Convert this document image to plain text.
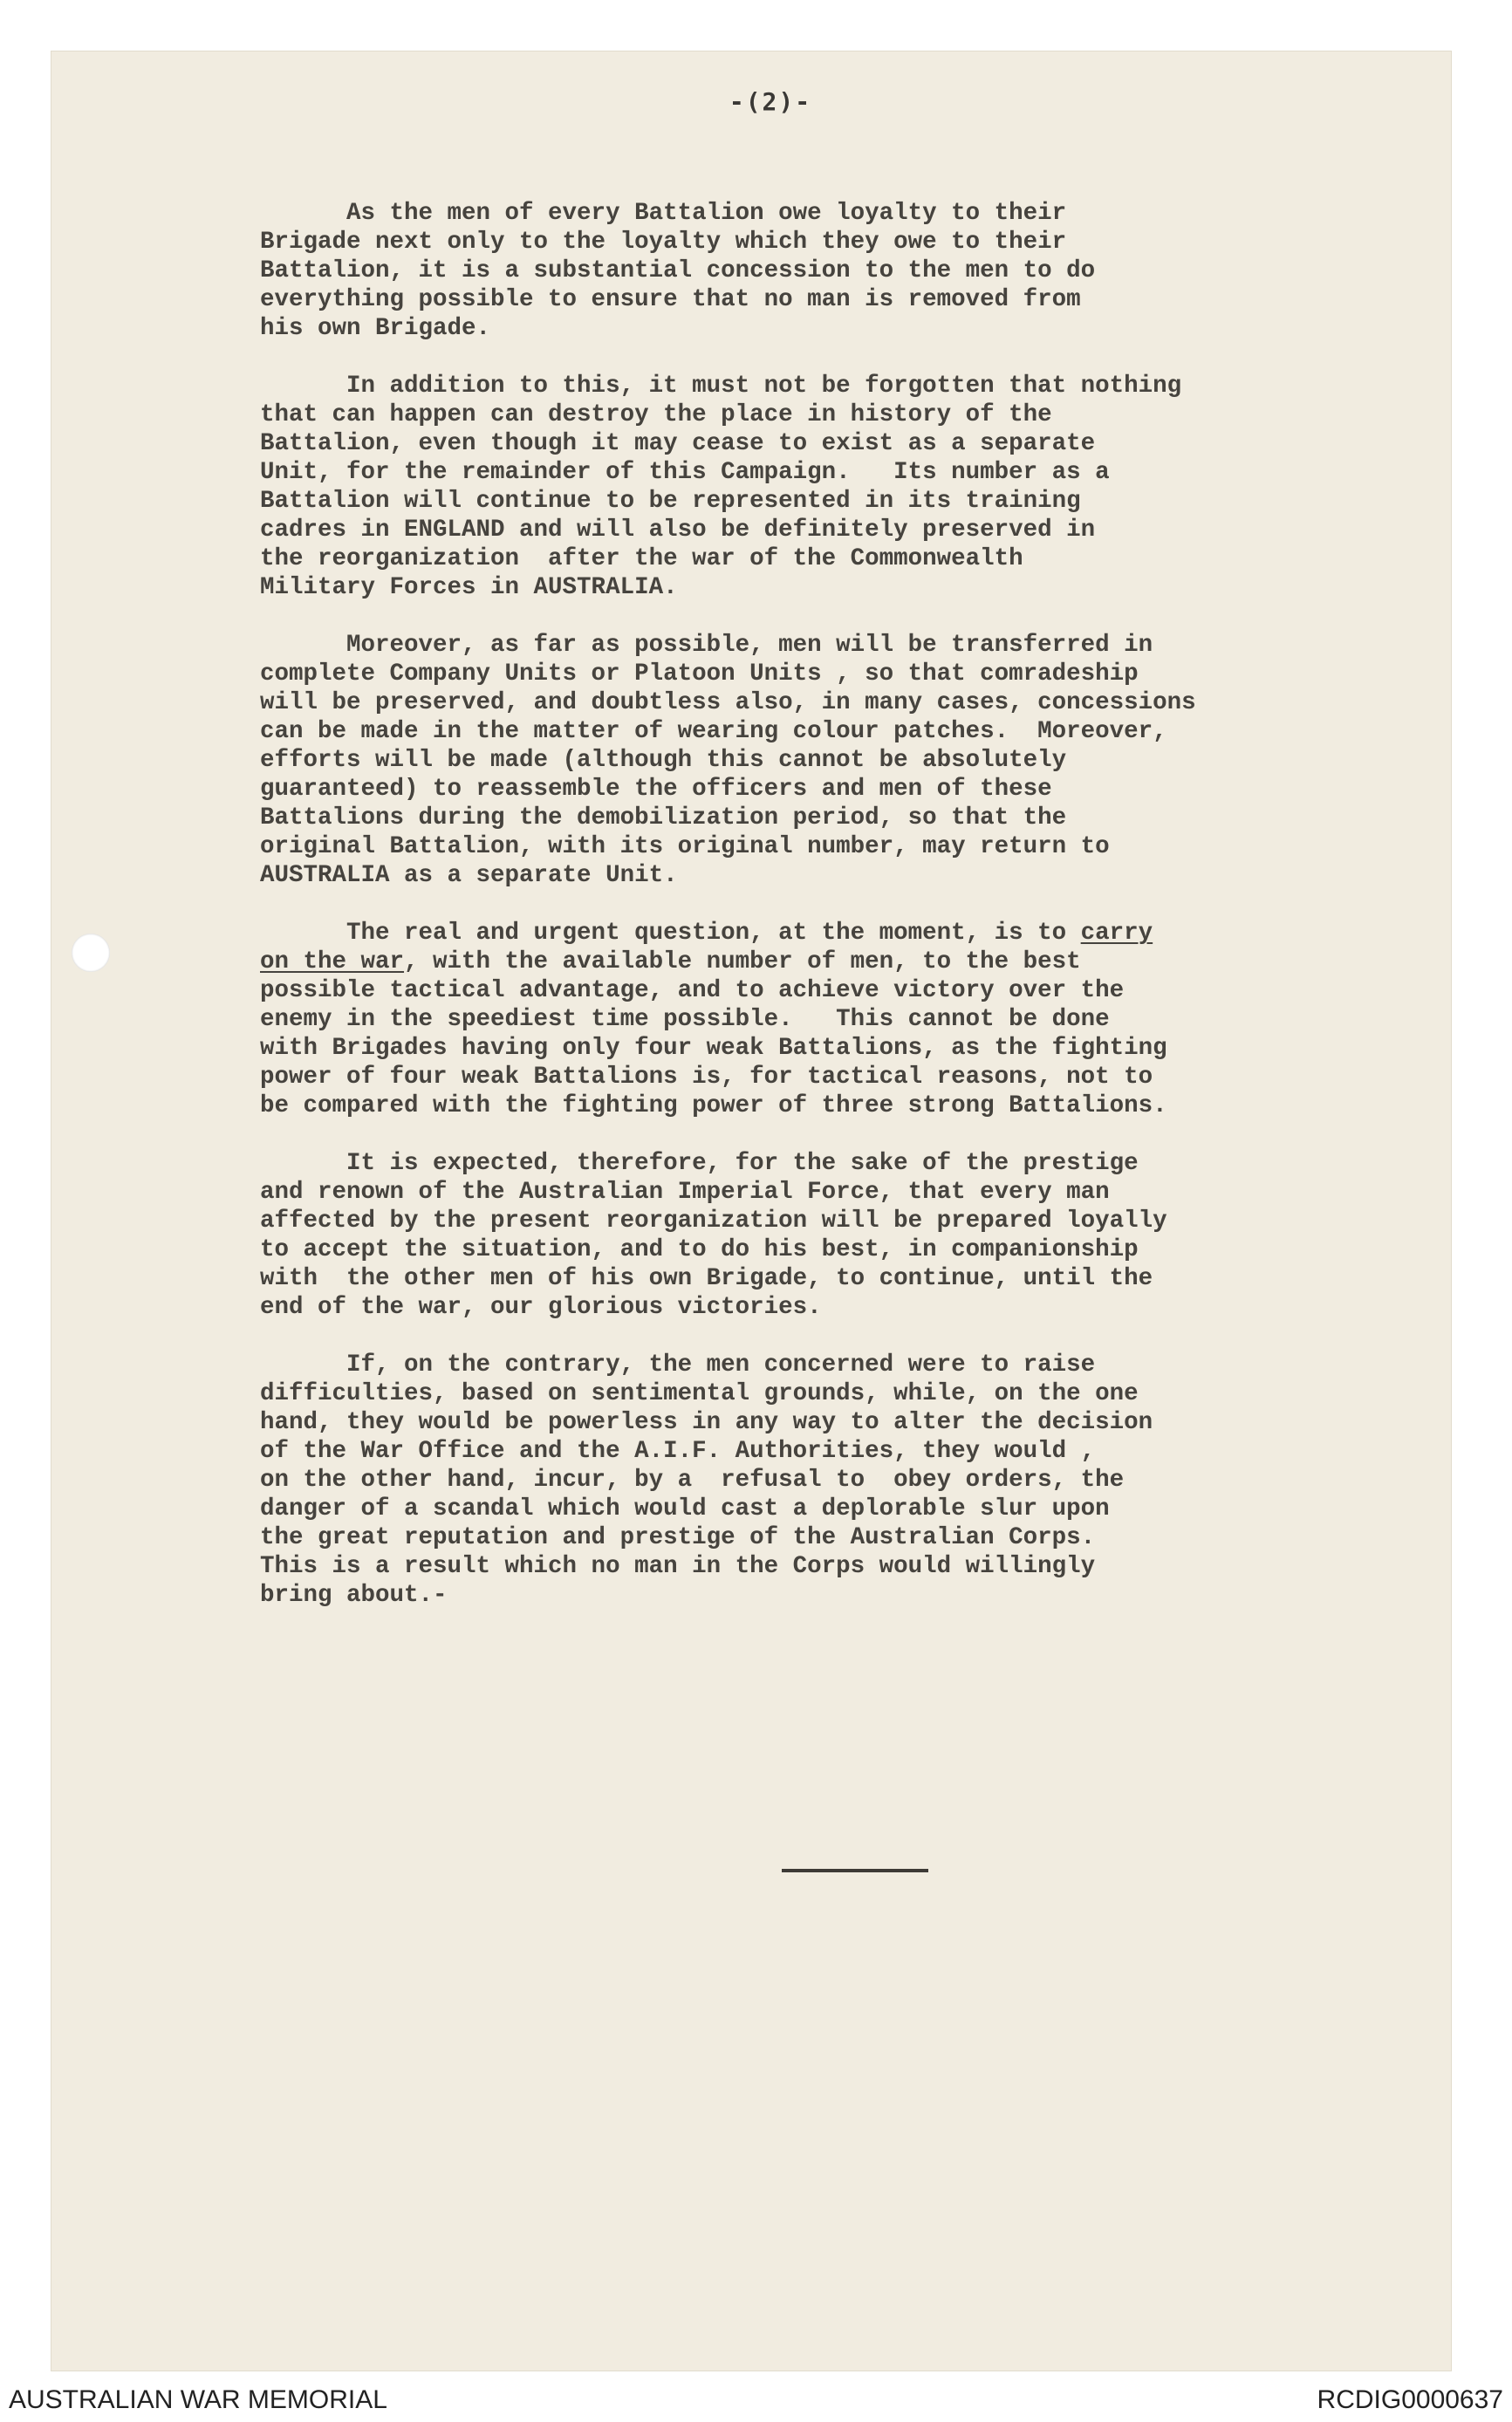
-(2)-
As the men of every Battalion owe loyalty to their
Brigade next only to the loyalty which they owe to their
Battalion, it is a substantial concession to the men to do
everything possible to ensure that no man is removed from
his own Brigade.
In addition to this, it must not be forgotten that nothing
that can happen can destroy the place in history of the
Battalion, even though it may cease to exist as a separate
Unit, for the remainder of this Campaign.   Its number as a
Battalion will continue to be represented in its training
cadres in ENGLAND and will also be definitely preserved in
the reorganization  after the war of the Commonwealth
Military Forces in AUSTRALIA.
Moreover, as far as possible, men will be transferred in
complete Company Units or Platoon Units , so that comradeship
will be preserved, and doubtless also, in many cases, concessions
can be made in the matter of wearing colour patches.  Moreover,
efforts will be made (although this cannot be absolutely
guaranteed) to reassemble the officers and men of these
Battalions during the demobilization period, so that the
original Battalion, with its original number, may return to
AUSTRALIA as a separate Unit.
The real and urgent question, at the moment, is to carry
on the war, with the available number of men, to the best
possible tactical advantage, and to achieve victory over the
enemy in the speediest time possible.   This cannot be done
with Brigades having only four weak Battalions, as the fighting
power of four weak Battalions is, for tactical reasons, not to
be compared with the fighting power of three strong Battalions.
It is expected, therefore, for the sake of the prestige
and renown of the Australian Imperial Force, that every man
affected by the present reorganization will be prepared loyally
to accept the situation, and to do his best, in companionship
with  the other men of his own Brigade, to continue, until the
end of the war, our glorious victories.
If, on the contrary, the men concerned were to raise
difficulties, based on sentimental grounds, while, on the one
hand, they would be powerless in any way to alter the decision
of the War Office and the A.I.F. Authorities, they would ,
on the other hand, incur, by a  refusal to  obey orders, the
danger of a scandal which would cast a deplorable slur upon
the great reputation and prestige of the Australian Corps.
This is a result which no man in the Corps would willingly
bring about.-
AUSTRALIAN WAR MEMORIAL	RCDIG0000637
